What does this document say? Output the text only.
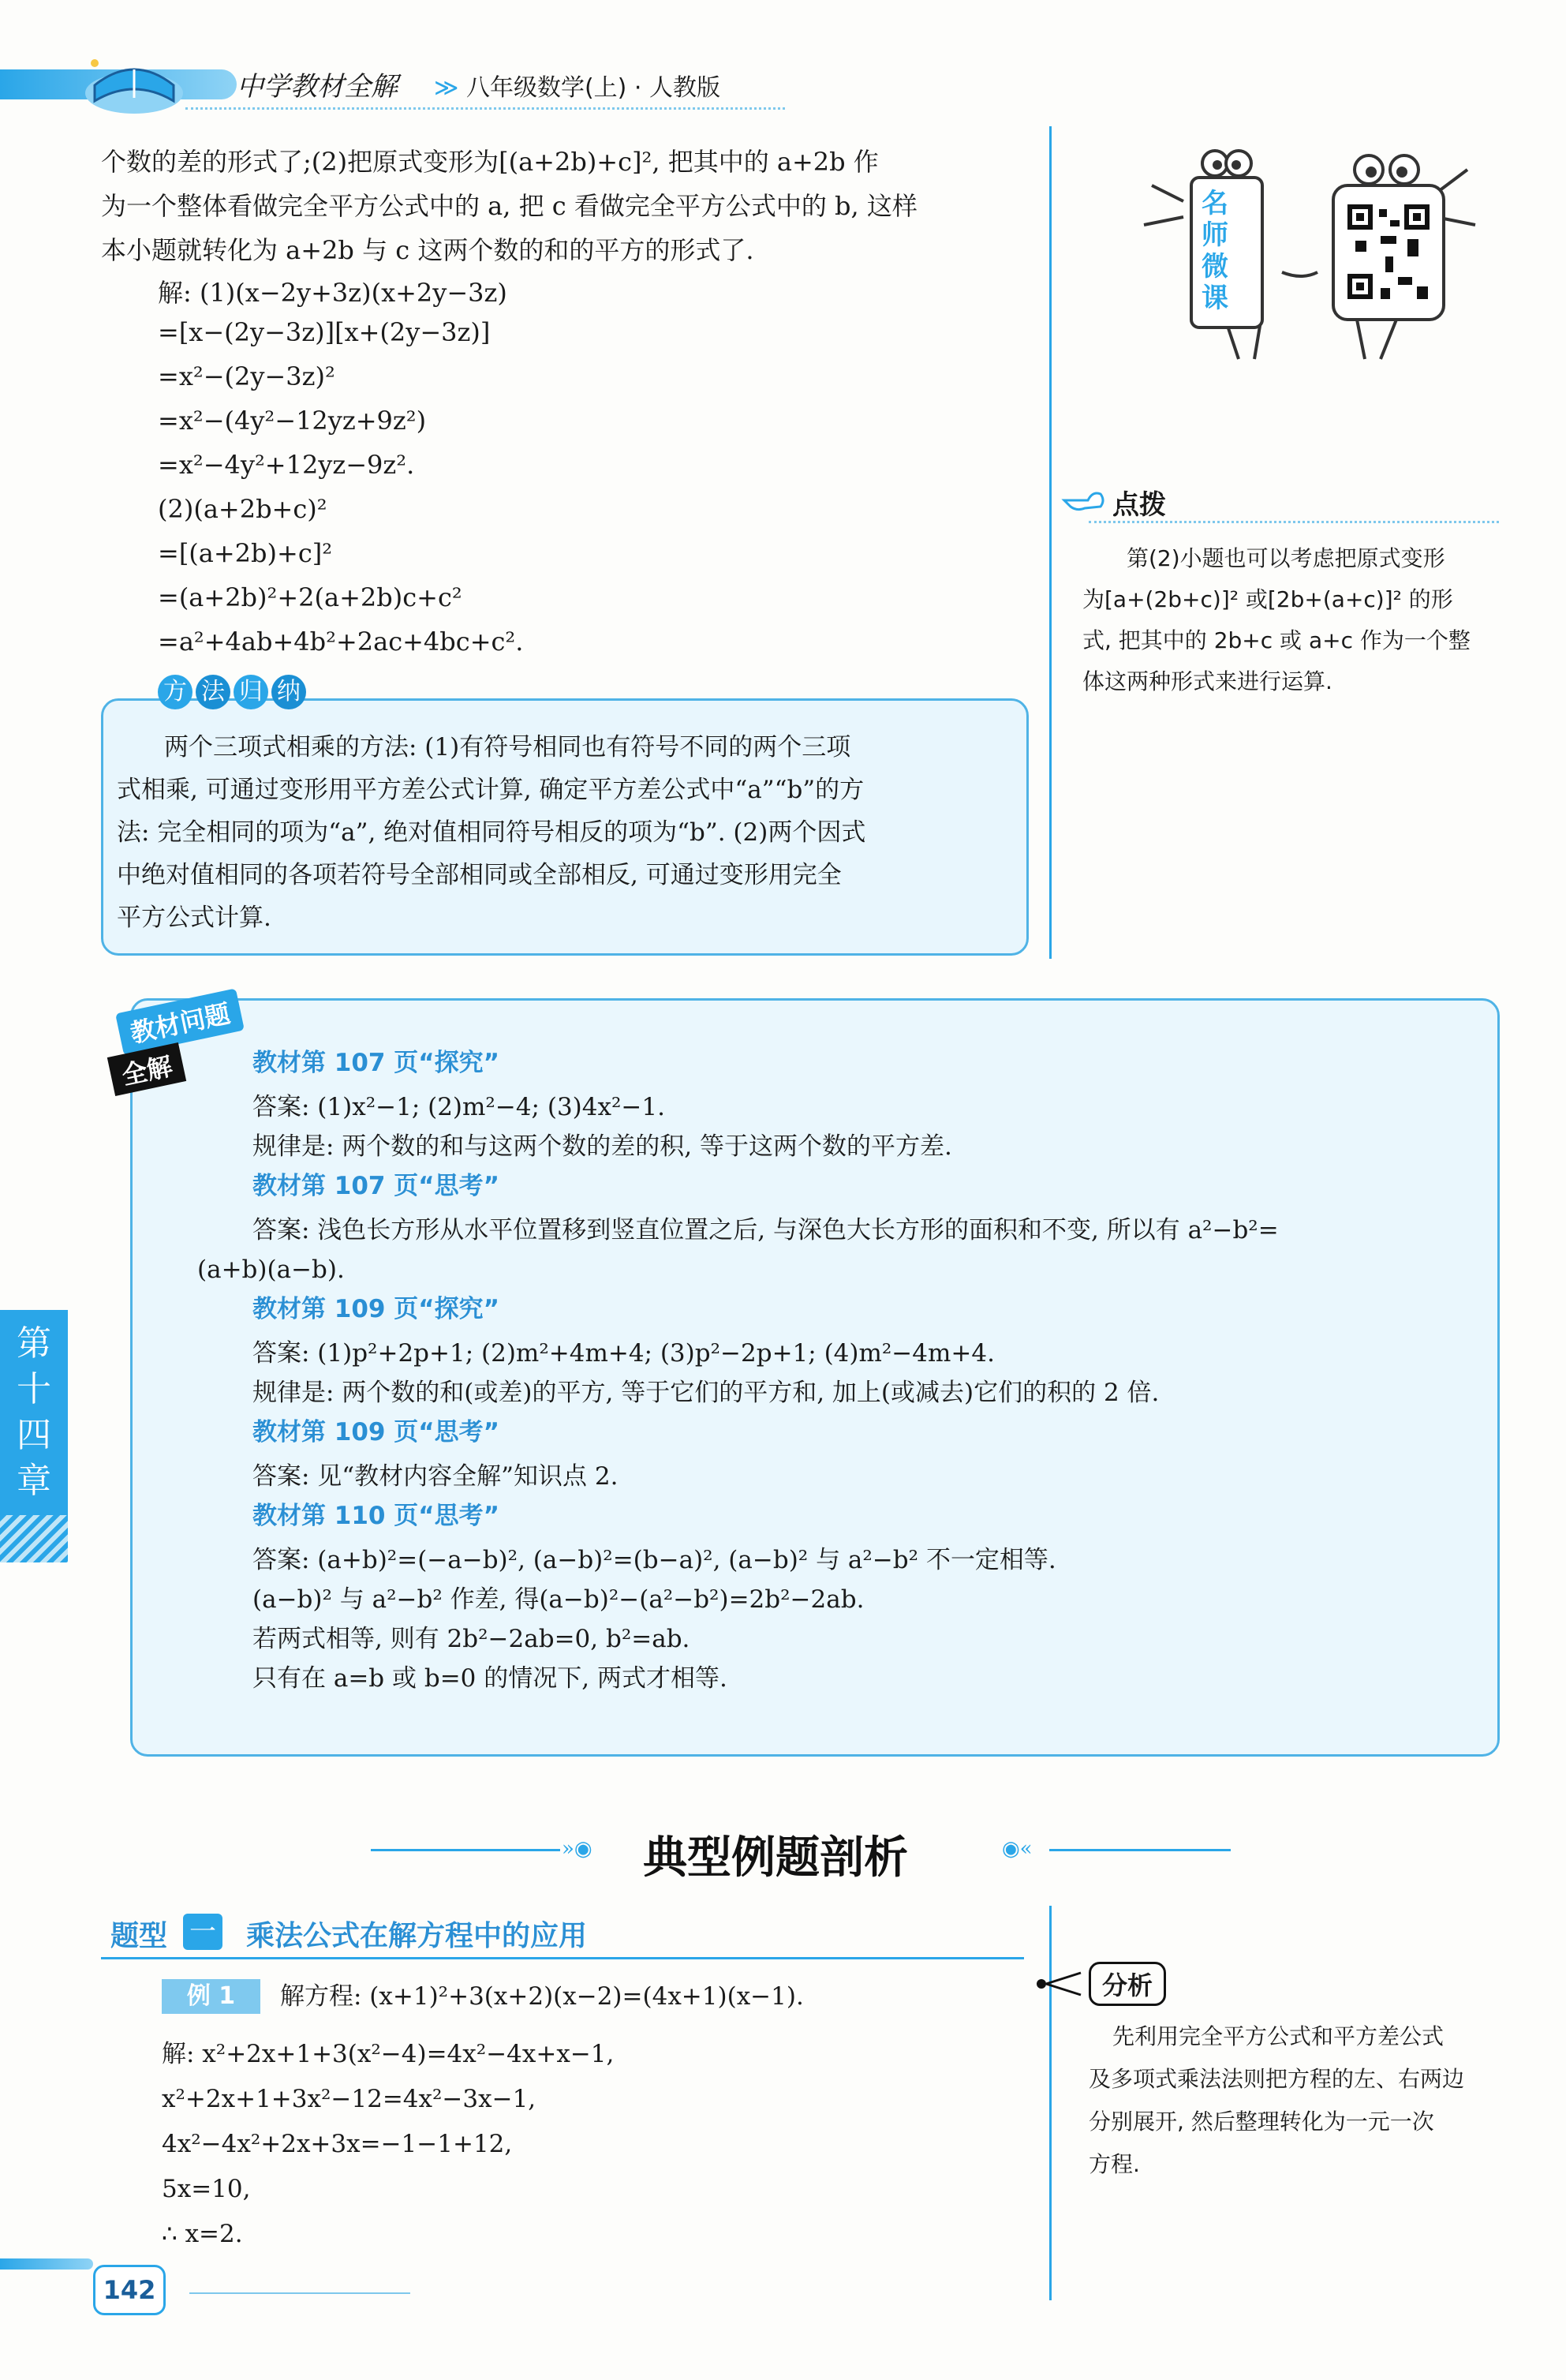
中学教材全解 ≫ 八年级数学(上) · 人教版
个数的差的形式了;(2)把原式变形为[(a+2b)+c]², 把其中的 a+2b 作
为一个整体看做完全平方公式中的 a, 把 c 看做完全平方公式中的 b, 这样
本小题就转化为 a+2b 与 c 这两个数的和的平方的形式了.
解: (1)(x−2y+3z)(x+2y−3z)
=[x−(2y−3z)][x+(2y−3z)]
=x²−(2y−3z)²
=x²−(4y²−12yz+9z²)
=x²−4y²+12yz−9z².
(2)(a+2b+c)²
=[(a+2b)+c]²
=(a+2b)²+2(a+2b)c+c²
=a²+4ab+4b²+2ac+4bc+c².
名师微课
点拨
第(2)小题也可以考虑把原式变形
为[a+(2b+c)]² 或[2b+(a+c)]² 的形
式, 把其中的 2b+c 或 a+c 作为一个整
体这两种形式来进行运算.
方 法 归 纳
两个三项式相乘的方法: (1)有符号相同也有符号不同的两个三项
式相乘, 可通过变形用平方差公式计算, 确定平方差公式中“a”“b”的方
法: 完全相同的项为“a”, 绝对值相同符号相反的项为“b”. (2)两个因式
中绝对值相同的各项若符号全部相同或全部相反, 可通过变形用完全
平方公式计算.
教材问题
全解	教材第 107 页“探究”
答案: (1)x²−1; (2)m²−4; (3)4x²−1.
规律是: 两个数的和与这两个数的差的积, 等于这两个数的平方差.
教材第 107 页“思考”
答案: 浅色长方形从水平位置移到竖直位置之后, 与深色大长方形的面积和不变, 所以有 a²−b²=
(a+b)(a−b).
教材第 109 页“探究”
答案: (1)p²+2p+1; (2)m²+4m+4; (3)p²−2p+1; (4)m²−4m+4.
规律是: 两个数的和(或差)的平方, 等于它们的平方和, 加上(或减去)它们的积的 2 倍.
教材第 109 页“思考”
答案: 见“教材内容全解”知识点 2.
教材第 110 页“思考”
答案: (a+b)²=(−a−b)², (a−b)²=(b−a)², (a−b)² 与 a²−b² 不一定相等.
(a−b)² 与 a²−b² 作差, 得(a−b)²−(a²−b²)=2b²−2ab.
若两式相等, 则有 2b²−2ab=0, b²=ab.
只有在 a=b 或 b=0 的情况下, 两式才相等.
第十四章
»◉ 典型例题剖析	◉«
题型 一 乘法公式在解方程中的应用
例 1	解方程: (x+1)²+3(x+2)(x−2)=(4x+1)(x−1).
解: x²+2x+1+3(x²−4)=4x²−4x+x−1,
x²+2x+1+3x²−12=4x²−3x−1,
4x²−4x²+2x+3x=−1−1+12,
5x=10,
∴ x=2.
分析
先利用完全平方公式和平方差公式
及多项式乘法法则把方程的左、右两边
分别展开, 然后整理转化为一元一次
方程.
142
